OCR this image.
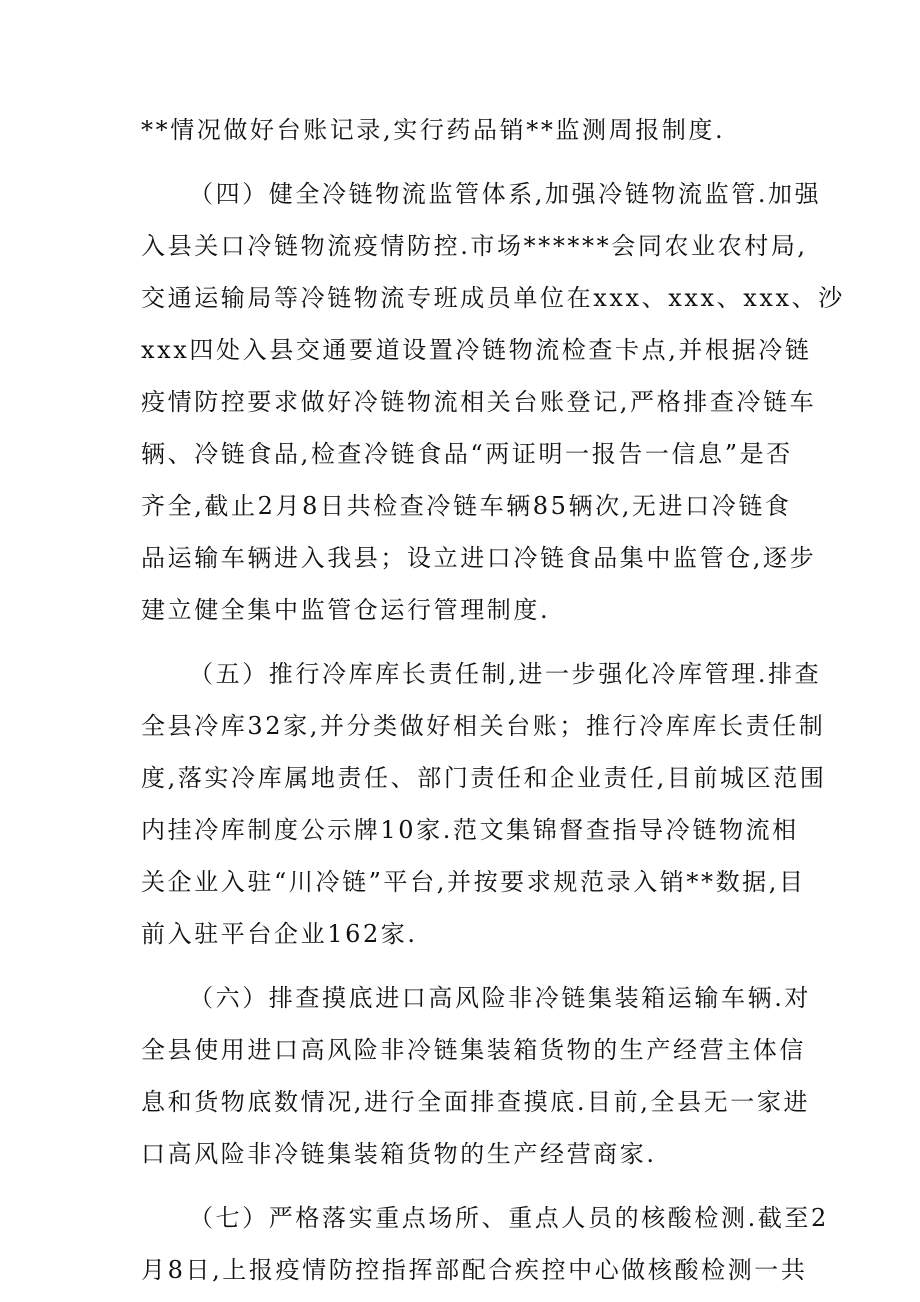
**情况做好台账记录,实行药品销**监测周报制度.

（四）健全冷链物流监管体系,加强冷链物流监管.加强

入县关口冷链物流疫情防控.市场******会同农业农村局,

交通运输局等冷链物流专班成员单位在xxx、xxx、xxx、沙

xxx四处入县交通要道设置冷链物流检查卡点,并根据冷链

疫情防控要求做好冷链物流相关台账登记,严格排查冷链车

辆、冷链食品,检查冷链食品“两证明一报告一信息”是否

齐全,截止2月8日共检查冷链车辆85辆次,无进口冷链食

品运输车辆进入我县；设立进口冷链食品集中监管仓,逐步

建立健全集中监管仓运行管理制度.

（五）推行冷库库长责任制,进一步强化冷库管理.排查

全县冷库32家,并分类做好相关台账；推行冷库库长责任制

度,落实冷库属地责任、部门责任和企业责任,目前城区范围

内挂冷库制度公示牌10家.范文集锦督查指导冷链物流相

关企业入驻“川冷链”平台,并按要求规范录入销**数据,目

前入驻平台企业162家.

（六）排查摸底进口高风险非冷链集装箱运输车辆.对

全县使用进口高风险非冷链集装箱货物的生产经营主体信

息和货物底数情况,进行全面排查摸底.目前,全县无一家进

口高风险非冷链集装箱货物的生产经营商家.

（七）严格落实重点场所、重点人员的核酸检测.截至2

月8日,上报疫情防控指挥部配合疾控中心做核酸检测一共
